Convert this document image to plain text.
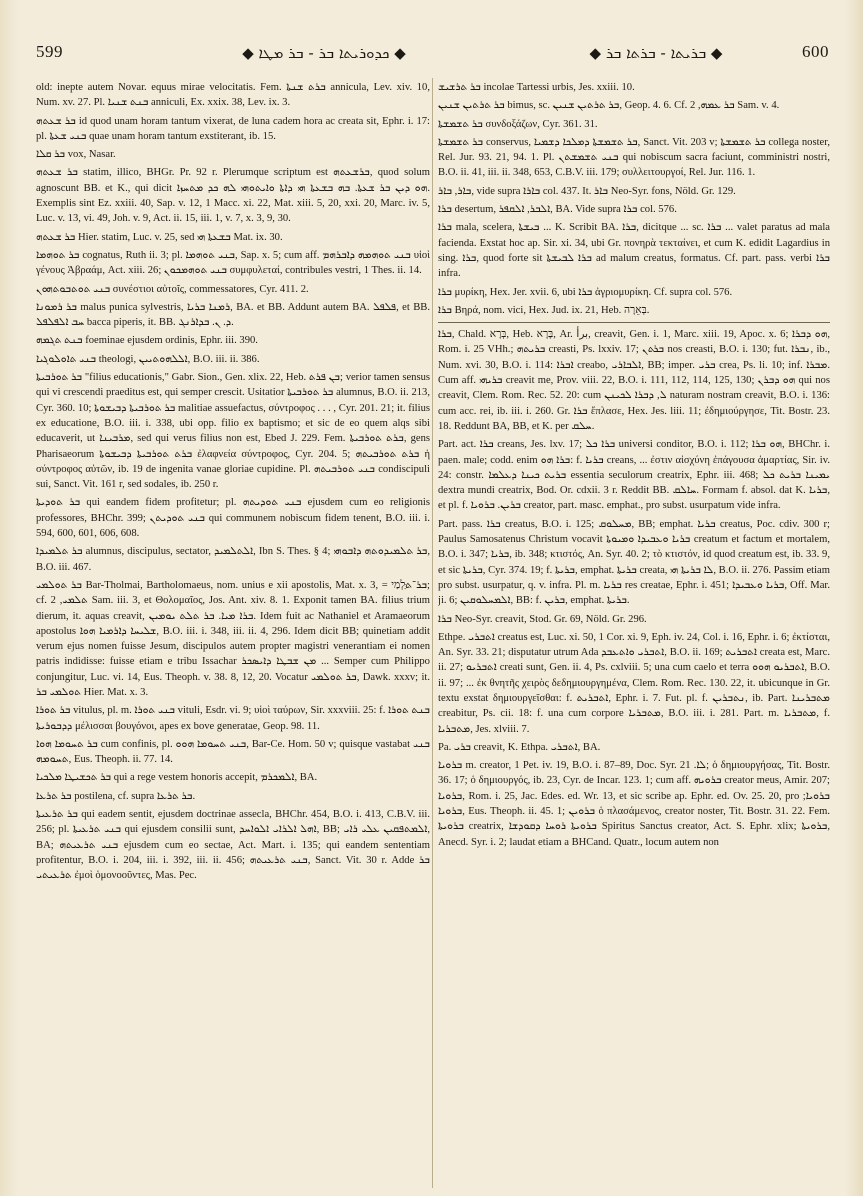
599	◆ ܟܕܘܪܝܬܐ ܒܪ - ܒܪ ܡܛܐ ◆	◆ ܒܪܝܬܐ - ܒܪܬܐ ܒܪ ◆	600

old: inepte autem Novar. equus mirae velocitatis. Fem. ܒܪܬ ܫܢܬܐ annicula, Lev. xiv. 10, Num. xv. 27. Pl. ܒܢܬ ܫܢܝܐ anniculi, Ex. xxix. 38, Lev. ix. 3.

ܒܪ ܫܥܬܗ id quod unam horam tantum vixerat, de luna cadem hora ac creata sit, Ephr. i. 17: pl. ܒܢܝ ܫܥܬܐ quae unam horam tantum exstiterant, ib. 15.

ܒܪ ܩܠܐ vox, Nasar.

ܒܪ ܫܥܬܗ statim, illico, BHGr. Pr. 92 r. Plerumque scriptum est ܒܪܫܥܬܗ, quod solum agnoscunt BB. et K., qui dicit ܗܘ ܕܝܢ ܒܪ ܫܥܬܐ. ܒܗ ܒܫܥܬܐ ܗܝ ܕܐܬܐ ܘܐܝܬܘܗܝ ܠܗ ܟܕ ܡܬܚܙܐ. Exemplis sint Ez. xxiii. 40, Sap. v. 12, 1 Macc. xi. 22, Mat. xiii. 5, 20, xxi. 20, Marc. iv. 5, Luc. v. 13, vi. 49, Joh. v. 9, Act. ii. 15, iii. 1, v. 7, x. 3, 9, 30.

ܒܪ ܫܥܬܗ Hier. statim, Luc. v. 25, sed ܒܫܥܬܐ ܗܝ Mat. ix. 30.

ܒܪ ܬܘܗܡܐ cognatus, Ruth ii. 3; pl. ܒܢܝ ܬܘܗܡܐ, Sap. x. 5; cum aff. ܒܢܝ ܬܘܗܡܗ ܕܐܒܪܗܡ υἱοὶ γένους Ἀβραάμ, Act. xiii. 26; ܒܢܝ ܬܘܗܡܟܘܢ συμφυλεταί, contribules vestri, 1 Thes. ii. 14.

ܒܢܝ ܬܘܬܒܘܬܗܘܢ συνέστιοι αὐτοῖς, commessatores, Cyr. 411. 2.

ܒܪ ܪܡܘܢܐ malus punica sylvestris, ܪܡܢܐ ܒܪܝܐ, BA. et BB. Addunt autem BA. ܦܠܦܠ, et BB. ܚܒ ܐܠܦܠܦܠ bacca piperis, it. BB. ܕ. ܢ. ܒܕܐܪܢܓ.

ܒܢܬ ܬܓܡܗ foeminae ejusdem ordinis, Ephr. iii. 390.

ܒܢܝ ܬܐܘܠܘܓܝܐ theologi, ܐܠܠܗܘܬܝܝܢ, B.O. iii. ii. 386.

ܒܪ ܬܘܪܒܝܬܐ "filius educationis," Gabr. Sion., Gen. xlix. 22, Heb. ܒܢ ܦܪܬ; verior tamen sensus qui vi crescendi praeditus est, qui semper crescit. Usitatior ܒܪ ܬܘܪܒܝܬܐ alumnus, B.O. ii. 213, Cyr. 360. 10; ܒܪ ܬܘܪܒܝܬܐ ܕܒܝܫܘܬܐ malitiae assuefactus, σύντροφος . . . , Cyr. 201. 21; it. filius ex educatione, B.O. iii. i. 338, ubi opp. filio ex baptismo; et sic de eo quem alqs sibi educaverit, ut ܡܪܒܝܢܐ, sed qui verus filius non est, Ebed J. 229. Fem. ܒܪܬ ܬܘܪܒܝܬܐ, gens Pharisaeorum ܒܪܬ ܬܘܪܒܝܬܐ ܕܒܝܫܘܬܐ ἐλαφνεία σύντροφος, Cyr. 204. 5; ܒܪܬ ܬܘܪܒܝܬܗ ἡ σύντροφος αὐτῶν, ib. 19 de ingenita vanae gloriae cupidine. Pl. ܒܢܝ ܬܘܪܒܝܬܗ condiscipuli sui, Sanct. Vit. 161 r, sed sodales, ib. 250 r.

ܒܪ ܬܘܕܝܬܐ qui eandem fidem profitetur; pl. ܒܢܝ ܬܘܕܝܬܗ ejusdem cum eo religionis professores, BHChr. 399; ܒܢܝ ܬܘܕܝܬܢ qui communem nobiscum fidem tenent, B.O. iii. i. 594, 600, 601, 606, 608.

ܒܪ ܬܠܡܝܕܐ alumnus, discipulus, sectator, ܐܠܬܠܡܝܕ, Ibn S. Thes. § 4; ܒܪ ܬܠܡܝܕܘܬܗ ܕܐܒܘܗܝ, B.O. iii. 467.

ܒܪ ܬܘܠܡܝ Bar-Tholmai, Bartholomaeus, nom. unius e xii apostolis, Mat. x. 3, = ܒܪ־ܬַּלְמַי; cf. ܬܠܡܝ, 2 Sam. iii. 3, et Θολομαῖος, Jos. Ant. xiv. 8. 1. Exponit tamen BA. filius trium dierum, it. aquas creavit, ܒܪܐ ܡܝܐ. ܒܪ ܬܠܬ ܝܘܡܝܢ. Idem fuit ac Nathaniel et Aramaeorum apostolus ܫܠܝܚܐ ܕܐܪܡܝܐ ܗܘܐ, B.O. iii. i. 348, iii. ii. 4, 296. Idem dicit BB; quinetiam addit verum ejus nomen fuisse Jesum, discipulos autem propter magistri venerantiam ei nomen patris indidisse: fuisse etiam e tribu Issachar ܡܢ ܫܒܛܐ ܕܐܝܣܟܪ ... Semper cum Philippo conjungitur, Luc. vi. 14, Eus. Theoph. v. 38. 8, 12, 20. Vocatur ܒܪ ܬܘܠܡܝ, Dawk. xxxv; it. ܬܘܠܡܝ ܒܪ Hier. Mat. x. 3.

ܒܪ ܬܘܪܐ vitulus, pl. m. ܒܢܝ ܬܘܪܐ vituli, Esdr. vi. 9; υἱοὶ ταύρων, Sir. xxxviii. 25: f. ܒܢܬ ܬܘܪܐ ܕܕܒܘܪܝܬܐ μέλισσαι βουγόνοι, apes ex bove generatae, Geop. 98. 11.

ܒܪ ܬܚܘܡܐ ܗܘܐ cum confinis, pl. ܒܢܝ ܬܚܘܡܐ ܗܘܘ, Bar-Ce. Hom. 50 v; quisque vastabat ܒܢܝ ܬܚܘܡܗ, Eus. Theoph. ii. 77. 14.

ܒܪ ܬܟܫܝܛܐ ܡܠܟܝܐ qui a rege vestem honoris accepit, ܐܠܡܟܪܡ, BA.

ܒܪ ܬܪܥܐ postilena, cf. supra ܒܪ ܬܪܥܐ.

ܒܪ ܬܪܥܝܬܐ qui eadem sentit, ejusdem doctrinae assecla, BHChr. 454, B.O. i. 413, C.B.V. iii. 256; pl. ܒܢܝ ܬܪܥܝܬܐ qui ejusdem consilii sunt, ܐܗܠ ܐܠܪܐܝ ܐܠܘܐܚܕ, BB; ܐܠܡܬܦܩܝܢ ܥܠܝ ܪܐܝ, BA; ܒܢܝ ܬܪܥܝܬܗ ejusdem cum eo sectae, Act. Mart. i. 135; qui eandem sententiam profitentur, B.O. i. 204, iii. i. 392, iii. ii. 456; ܒܢܝ ܬܪܥܝܬܗ, Sanct. Vit. 30 r. Adde ܒܪ ܬܪܥܝܬܝ ἐμοὶ ὁμονοοῦντες, Mas. Pec.

ܒܪ ܬܪܫܝܫ incolae Tartessi urbis, Jes. xxiii. 10.

ܒܪ ܬܪܬܝܢ ܫܢܝܢ bimus, sc. ܒܪ ܬܪܬܝܢ ܫܢܝܢ, Geop. 4. 6. Cf. ܒܪ ܥܡܗ, 2 Sam. v. 4.

ܒܪ ܬܫܡܫܬܐ συνδοξάζων, Cyr. 361. 31.

ܒܪ ܬܫܡܫܬܐ conservus, ܒܪ ܬܫܡܫܬܐ ܕܡܠܟܐ ܕܫܡܝܐ, Sanct. Vit. 203 v; ܒܪ ܬܫܡܫܬܐ collega noster, Rel. Jur. 93. 21, 94. 1. Pl. ܒܢܝ ܬܫܡܫܬܢ qui nobiscum sacra faciunt, comministri nostri, B.O. ii. 41, iii. ii. 348, 653, C.B.V. iii. 179; συλλειτουργοί, Rel. Jur. 116. 1.

ܒܐܪ, ܒܐܪ, vide supra ܒܐܪܐ col. 437. It. ܒܐܪ Neo-Syr. fons, Nöld. Gr. 129.

ܒܪܐ desertum, ܐܠܒܪ, ܐܠܩܦܪ, BA. Vide supra ܒܪܐ col. 576.

ܒܪܐ mala, scelera, ܒܝܫܬܐ ... K. Scribit BA. ܒܪܐ, dicitque ... sc. ܒܪܐ ... valet paratus ad mala facienda. Exstat hoc ap. Sir. xi. 34, ubi Gr. πονηρὰ τεκταίνει, et cum K. edidit Lagardius in sing. ܒܪܐ, quod forte sit ܒܪܐ ܠܒܝܫܬܐ ad malum creatus, formatus. Cf. part. pass. verbi ܒܪܐ infra.

ܒܪܐ μυρίκη, Hex. Jer. xvii. 6, ubi ܒܪܐ ἀγριομυρίκη. Cf. supra col. 576.

ܒܪܐ Βηρά, nom. vici, Hex. Jud. ix. 21, Heb. בְּאֵרָה.

ܒܪܐ, Chald. בְּרָא, Heb. בָּרָא, Ar. برأ, creavit, Gen. i. 1, Marc. xiii. 19, Apoc. x. 6; ܗܘ ܕܒܪܐ, Rom. i. 25 VHh.; ܒܪܝܬܗ creasti, Ps. lxxiv. 17; ܒܪܬܢ nos creasti, B.O. i. 130; fut. ܢܒܪܐ, ib., Num. xvi. 30, B.O. i. 114: ܐܒܪܐ creabo, ܐܠܒܐܪܝ, BB; imper. ܒܪܝ crea, Ps. li. 10; inf. ܡܒܪܐ. Cum aff. ܒܪܝܗܝ creavit me, Prov. viii. 22, B.O. i. 111, 112, 114, 125, 130; ܗܘ ܕܒܪܢ qui nos creavit, Clem. Rom. Rec. 52. 20: cum ܠ, ܕܒܪܐ ܠܟܝܢܢ naturam nostram creavit, B.O. i. 136: cum acc. rei, ib. iii. i. 260. Gr. ܒܪܐ ἔπλασε, Hex. Jes. liii. 11; ἐδημιούργησε, Tit. Bostr. 23. 18. Reddunt BA, BB, et K. per ܚܠܩ.

Part. act. ܒܪܐ creans, Jes. lxv. 17; ܒܪܐ ܟܠ universi conditor, B.O. i. 112; ܗܘ ܒܪܐ, BHChr. i. paen. male; codd. enim ܒܪܐ ܗܘ: f. ܒܪܝܐ creans, ... ἐστιν αἰσχύνη ἐπάγουσα ἁμαρτίας, Sir. iv. 24: constr. ܒܪܝܬ ܟܝܢܐ ܕܥܠܡܐ essentia seculorum creatrix, Ephr. iii. 468; ܝܡܝܢܐ ܒܪܝܬ ܟܠ dextra mundi creatrix, Bod. Or. cdxii. 3 r. Reddit BB. ܚܐܠܩ. Formam f. absol. dat K. ܒܪܝܐ, et pl. f. ܒܪܝܢ. ܒܪܘܝܐ creator, part. masc. emphat., pro subst. usurpatum vide infra.

Part. pass. ܒܪܐ creatus, B.O. i. 125; ܡܚܠܘܩ, BB; emphat. ܒܪܝܐ creatus, Poc. cdiv. 300 r; Paulus Samosatenus Christum vocavit ܒܪܝܐ ܘܥܒܝܕܐ ܘܡܝܘܬܐ creatum et factum et mortalem, B.O. i. 347; ܒܪܝܐ, ib. 348; κτιστός, An. Syr. 40. 2; τὸ κτιστόν, id quod creatum est, ib. 33. 9, et sic ܒܪܝܬܐ, Cyr. 374. 19; f. ܒܪܝܬܐ, emphat. ܒܪܝܬܐ creata, ܠܐ ܒܪܝܬܐ ܗܝ, B.O. ii. 276. Passim etiam pro subst. usurpatur, q. v. infra. Pl. m. ܒܪܝܐ res creatae, Ephr. i. 451; ܒܪܝܐ ܘܥܒܝܕܐ, Off. Mar. ji. 6; ܐܠܡܚܠܘܩܝܢ, BB: f. ܒܪܝܢ, emphat. ܒܪܝܬܐ.

ܒܪܐ Neo-Syr. creavit, Stod. Gr. 69, Nöld. Gr. 296.

Ethpe. ܐܬܒܪܝ creatus est, Luc. xi. 50, 1 Cor. xi. 9, Eph. iv. 24, Col. i. 16, Ephr. i. 6; ἐκτίσται, An. Syr. 33. 21; disputatur utrum Ada ܐܬܒܪܝ ܘܐܬܥܒܕ, B.O. ii. 169; ܐܬܒܪܝܬ creata est, Marc. ii. 27; ܐܬܒܪܝܘ creati sunt, Gen. ii. 4, Ps. cxlviii. 5; una cum caelo et terra ܐܬܒܪܝܘ ܗܘܘ, B.O. ii. 97; ... ἐκ θνητῆς χειρὸς δεδημιουργημένα, Clem. Rom. Rec. 130. 22, it. ubicunque in Gr. textu exstat δημιουργεῖσθαι: f. ܐܬܒܪܝܬ, Ephr. i. 7. Fut. pl. f. ܢܬܒܪܝܢ, ib. Part. ܡܬܒܪܝܢܐ creabitur, Ps. cii. 18: f. una cum corpore ܡܬܒܪܝܐ, B.O. iii. i. 281. Part. m. ܡܬܒܪܝܐ, f. ܡܬܒܪܝܐ, Jes. xlviii. 7.

Pa. ܒܪܝ creavit, K. Ethpa. ܐܬܒܪܝ, BA.

ܒܪܘܝܐ m. creator, 1 Pet. iv. 19, B.O. i. 87–89, Doc. Syr. ܠܐ. 21; ὁ δημιουργήσας, Tit. Bostr. 36. 17; ὁ δημιουργός, ib. 23, Cyr. de Incar. 123. 1; cum aff. ܒܪܘܝܗ creator meus, Amir. 207; ܒܪܘܝܐ, Rom. i. 25, Jac. Edes. ed. Wr. 13, et sic scribe ap. Ephr. ed. Ov. 25. 20, pro ܒܪܘܝܐ; ܒܪܘܝܐ, Eus. Theoph. ii. 45. 1; ܒܪܘܝܢ ὁ πλασάμενος, creator noster, Tit. Bostr. 31. 22. Fem. ܒܪܘܝܬܐ creatrix, ܒܪܘܝܬܐ ܪܘܚܐ ܕܩܘܕܫܐ Spiritus Sanctus creator, Act. S. Ephr. xlix; ܒܪܘܝܬܐ, Anecd. Syr. i. 2; laudat etiam a BHCand. Quatr., locum autem non
